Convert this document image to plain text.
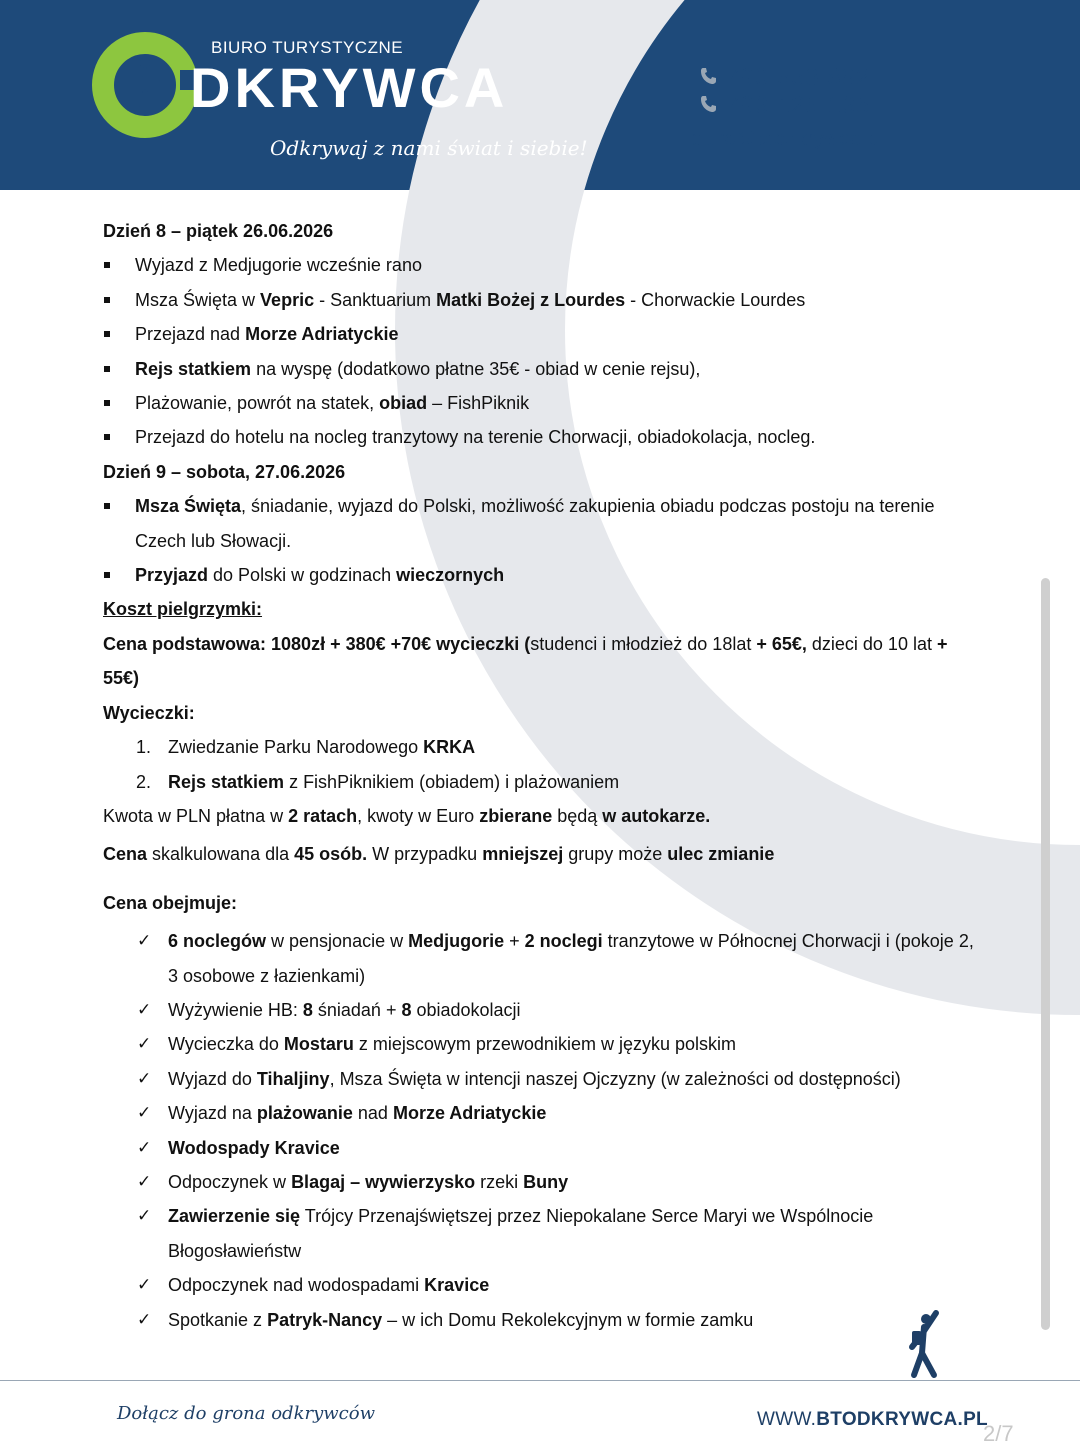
BIURO TURYSTYCZNE
DKRYWCA
Odkrywaj z nami świat i siebie!
790 553 892
793 125 135
biuro@btodkrywca.pl

Dzień 8 – piątek 26.06.2026

Wyjazd z Medjugorie wcześnie rano
Msza Święta w Vepric - Sanktuarium Matki Bożej z Lourdes - Chorwackie Lourdes
Przejazd nad Morze Adriatyckie
Rejs statkiem na wyspę (dodatkowo płatne 35€ - obiad w cenie rejsu),
Plażowanie, powrót na statek, obiad – FishPiknik
Przejazd do hotelu na nocleg tranzytowy na terenie Chorwacji, obiadokolacja, nocleg.

Dzień 9 – sobota, 27.06.2026

Msza Święta, śniadanie, wyjazd do Polski, możliwość zakupienia obiadu podczas postoju na terenie Czech lub Słowacji.
Przyjazd do Polski w godzinach wieczornych

Koszt pielgrzymki:

Cena podstawowa: 1080zł + 380€ +70€ wycieczki (studenci i młodzież do 18lat + 65€, dzieci do 10 lat + 55€)

Wycieczki:

1. Zwiedzanie Parku Narodowego KRKA
2. Rejs statkiem z FishPiknikiem (obiadem) i plażowaniem

Kwota w PLN płatna w 2 ratach, kwoty w Euro zbierane będą w autokarze.

Cena skalkulowana dla 45 osób. W przypadku mniejszej grupy może ulec zmianie

Cena obejmuje:

✓ 6 noclegów w pensjonacie w Medjugorie + 2 noclegi tranzytowe w Północnej Chorwacji i (pokoje 2, 3 osobowe z łazienkami)
✓ Wyżywienie HB: 8 śniadań + 8 obiadokolacji
✓ Wycieczka do Mostaru z miejscowym przewodnikiem w języku polskim
✓ Wyjazd do Tihaljiny, Msza Święta w intencji naszej Ojczyzny (w zależności od dostępności)
✓ Wyjazd na plażowanie nad Morze Adriatyckie
✓ Wodospady Kravice
✓ Odpoczynek w Blagaj – wywierzysko rzeki Buny
✓ Zawierzenie się Trójcy Przenajświętszej przez Niepokalane Serce Maryi we Wspólnocie Błogosławieństw
✓ Odpoczynek nad wodospadami Kravice
✓ Spotkanie z Patryk-Nancy – w ich Domu Rekolekcyjnym w formie zamku
Dołącz do grona odkrywców	WWW.BTODKRYWCA.PL
2/7
